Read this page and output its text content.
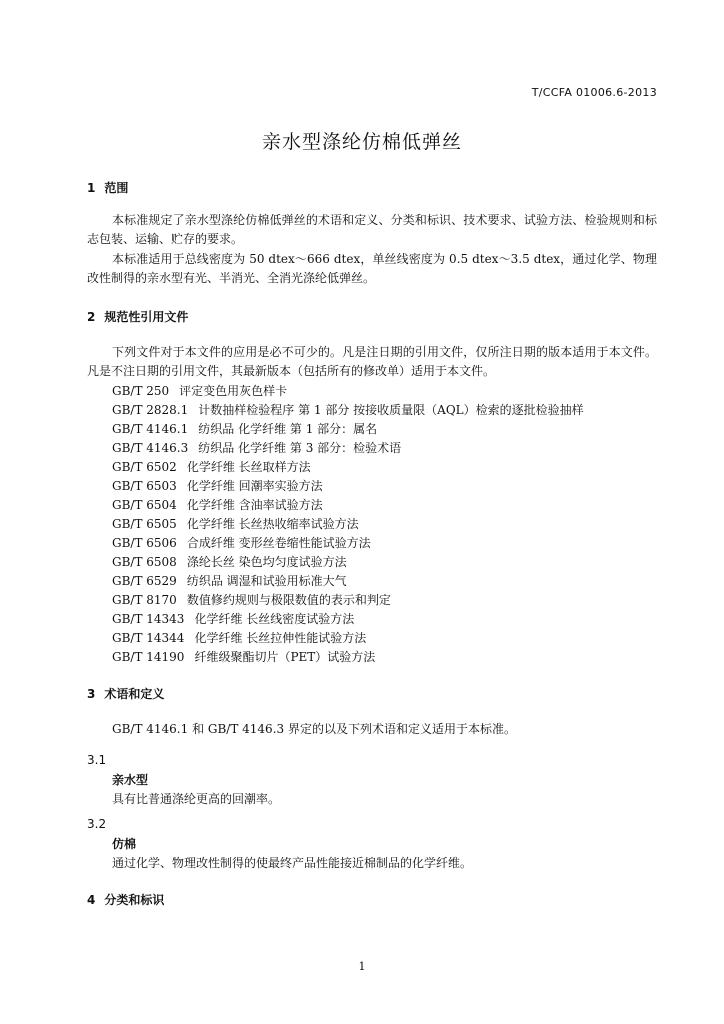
T/CCFA 01006.6-2013
亲水型涤纶仿棉低弹丝
1 范围
本标准规定了亲水型涤纶仿棉低弹丝的术语和定义、分类和标识、技术要求、试验方法、检验规则和标志包装、运输、贮存的要求。
本标准适用于总线密度为 50 dtex～666 dtex，单丝线密度为 0.5 dtex～3.5 dtex，通过化学、物理改性制得的亲水型有光、半消光、全消光涤纶低弹丝。
2 规范性引用文件
下列文件对于本文件的应用是必不可少的。凡是注日期的引用文件，仅所注日期的版本适用于本文件。凡是不注日期的引用文件，其最新版本（包括所有的修改单）适用于本文件。
GB/T 250 评定变色用灰色样卡
GB/T 2828.1 计数抽样检验程序 第 1 部分 按接收质量限（AQL）检索的逐批检验抽样
GB/T 4146.1 纺织品 化学纤维 第 1 部分：属名
GB/T 4146.3 纺织品 化学纤维 第 3 部分：检验术语
GB/T 6502 化学纤维 长丝取样方法
GB/T 6503 化学纤维 回潮率实验方法
GB/T 6504 化学纤维 含油率试验方法
GB/T 6505 化学纤维 长丝热收缩率试验方法
GB/T 6506 合成纤维 变形丝卷缩性能试验方法
GB/T 6508 涤纶长丝 染色均匀度试验方法
GB/T 6529 纺织品 调湿和试验用标准大气
GB/T 8170 数值修约规则与极限数值的表示和判定
GB/T 14343 化学纤维 长丝线密度试验方法
GB/T 14344 化学纤维 长丝拉伸性能试验方法
GB/T 14190 纤维级聚酯切片（PET）试验方法
3 术语和定义
GB/T 4146.1 和 GB/T 4146.3 界定的以及下列术语和定义适用于本标准。
3.1
亲水型
具有比普通涤纶更高的回潮率。
3.2
仿棉
通过化学、物理改性制得的使最终产品性能接近棉制品的化学纤维。
4 分类和标识
1
